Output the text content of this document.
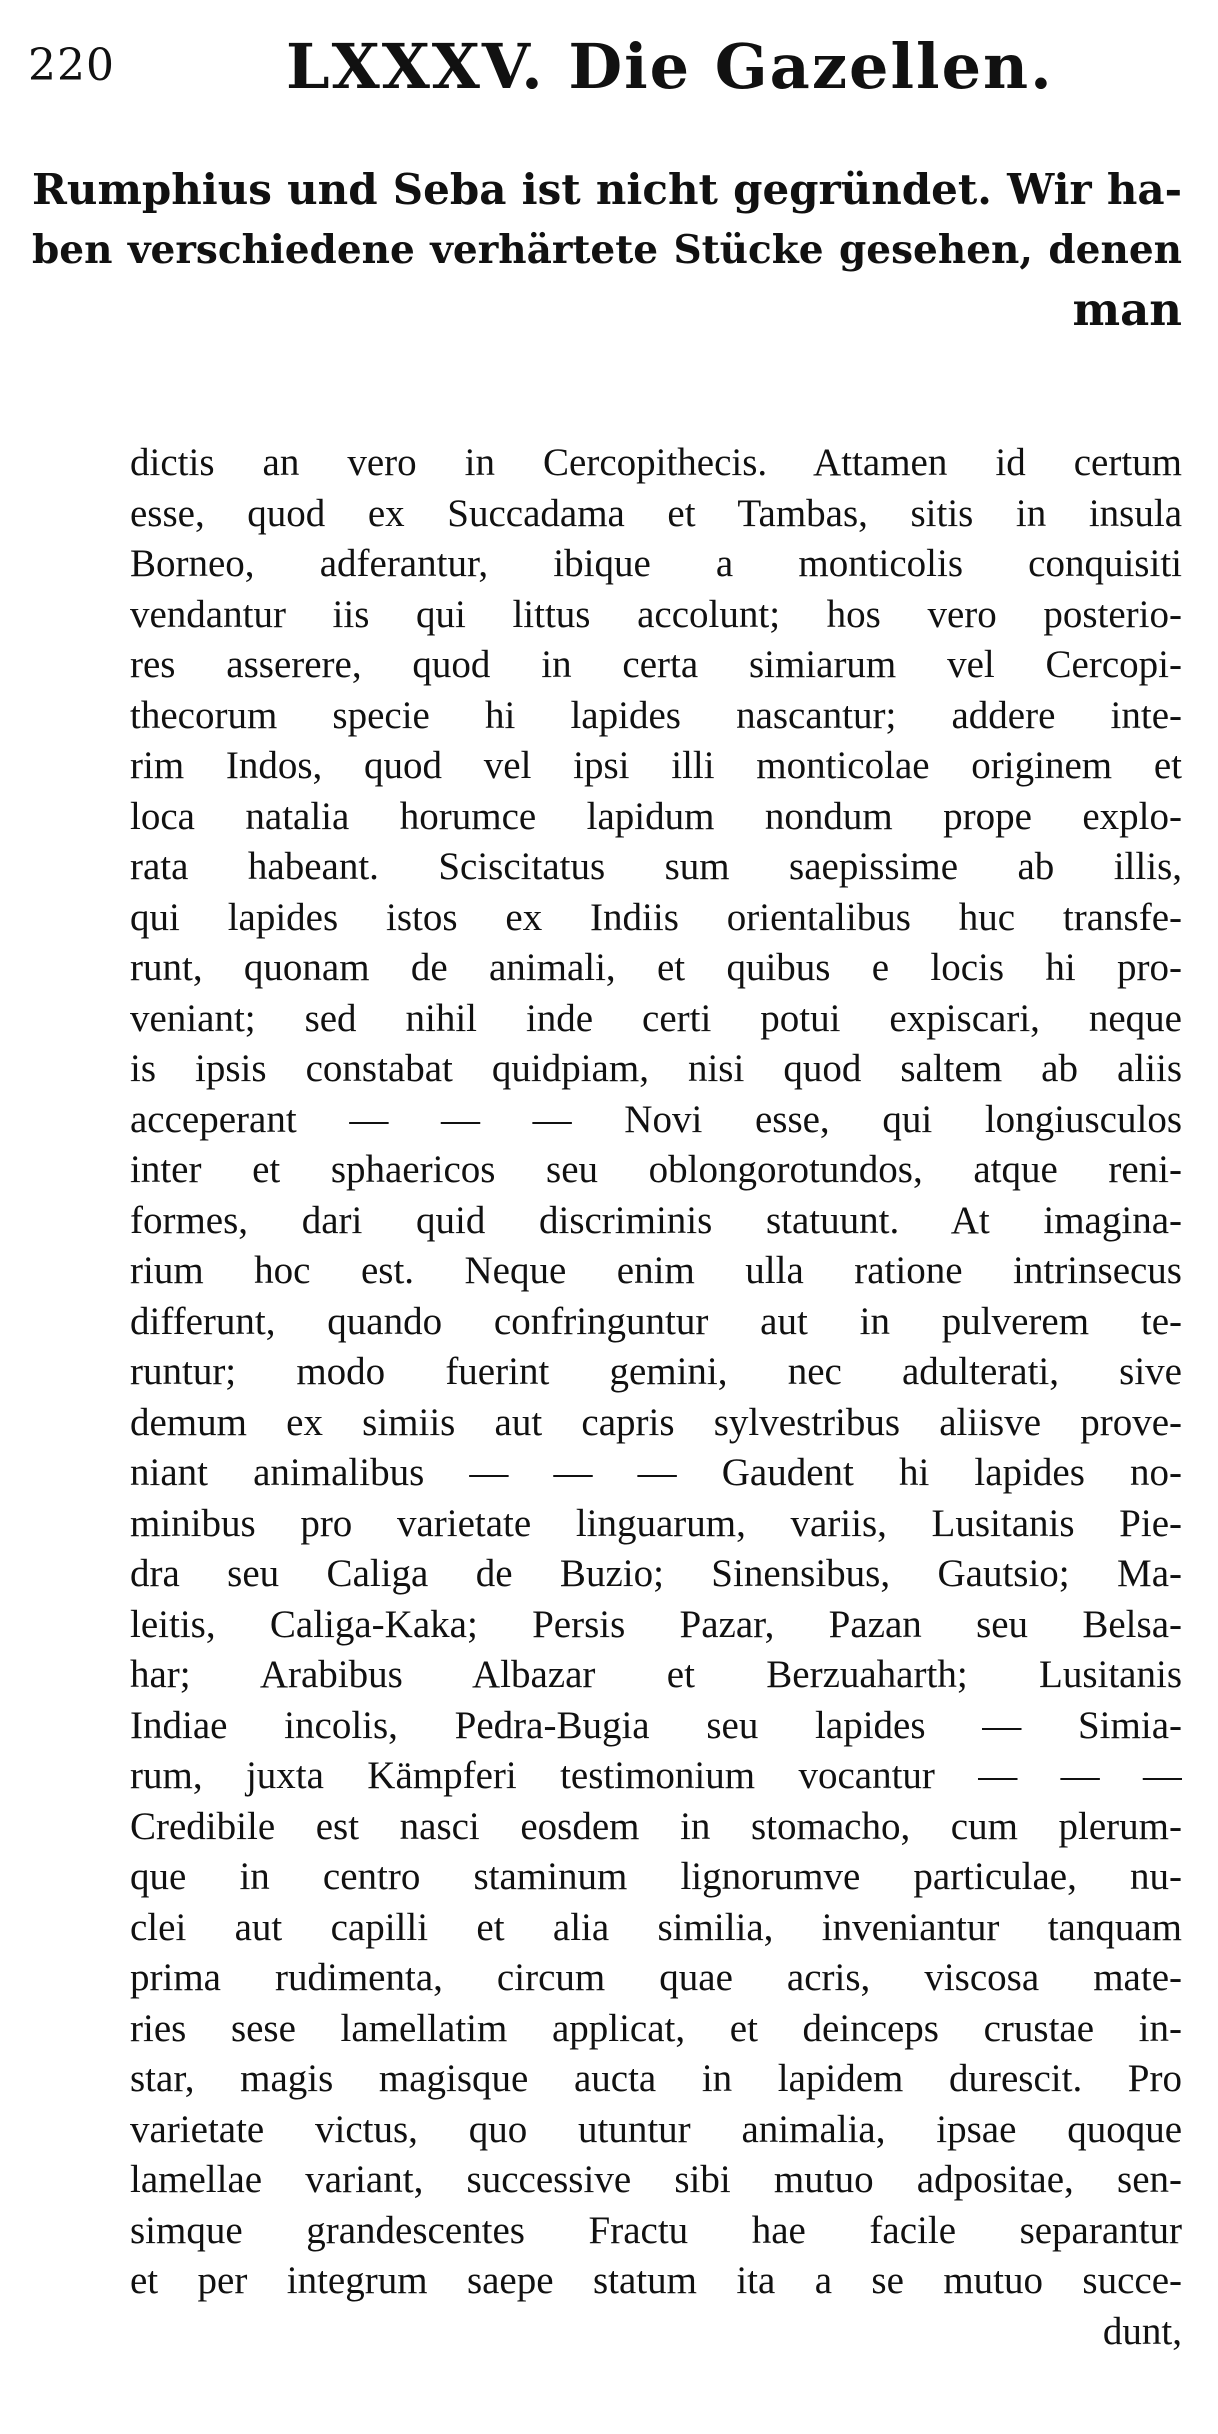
220	LXXXV. Die Gazellen.
Rumphius und Seba ist nicht gegründet. Wir ha-
ben verschiedene verhärtete Stücke gesehen, denen
man
dictis an vero in Cercopithecis. Attamen id certum
esse, quod ex Succadama et Tambas, sitis in insula
Borneo, adferantur, ibique a monticolis conquisiti
vendantur iis qui littus accolunt; hos vero posterio-
res asserere, quod in certa simiarum vel Cercopi-
thecorum specie hi lapides nascantur; addere inte-
rim Indos, quod vel ipsi illi monticolae originem et
loca natalia horumce lapidum nondum prope explo-
rata habeant. Sciscitatus sum saepissime ab illis,
qui lapides istos ex Indiis orientalibus huc transfe-
runt, quonam de animali, et quibus e locis hi pro-
veniant; sed nihil inde certi potui expiscari, neque
is ipsis constabat quidpiam, nisi quod saltem ab aliis
acceperant — — — Novi esse, qui longiusculos
inter et sphaericos seu oblongorotundos, atque reni-
formes, dari quid discriminis statuunt. At imagina-
rium hoc est. Neque enim ulla ratione intrinsecus
differunt, quando confringuntur aut in pulverem te-
runtur; modo fuerint gemini, nec adulterati, sive
demum ex simiis aut capris sylvestribus aliisve prove-
niant animalibus — — — Gaudent hi lapides no-
minibus pro varietate linguarum, variis, Lusitanis Pie-
dra seu Caliga de Buzio; Sinensibus, Gautsio; Ma-
leitis, Caliga-Kaka; Persis Pazar, Pazan seu Belsa-
har; Arabibus Albazar et Berzuaharth; Lusitanis
Indiae incolis, Pedra-Bugia seu lapides — Simia-
rum, juxta Kämpferi testimonium vocantur — — —
Credibile est nasci eosdem in stomacho, cum plerum-
que in centro staminum lignorumve particulae, nu-
clei aut capilli et alia similia, inveniantur tanquam
prima rudimenta, circum quae acris, viscosa mate-
ries sese lamellatim applicat, et deinceps crustae in-
star, magis magisque aucta in lapidem durescit. Pro
varietate victus, quo utuntur animalia, ipsae quoque
lamellae variant, successive sibi mutuo adpositae, sen-
simque grandescentes Fractu hae facile separantur
et per integrum saepe statum ita a se mutuo succe-
dunt,
